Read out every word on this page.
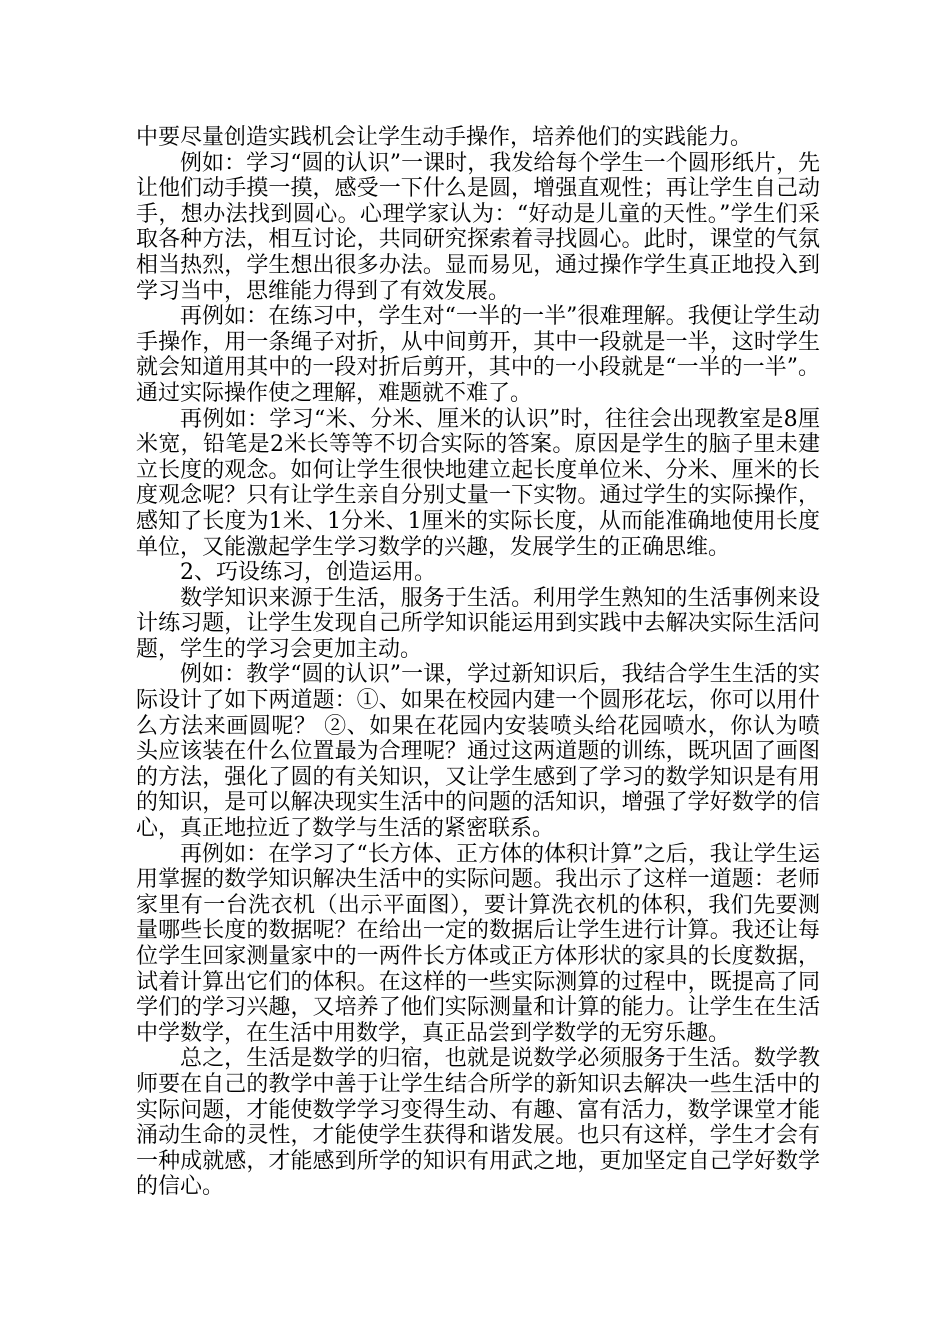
中要尽量创造实践机会让学生动手操作，培养他们的实践能力。

例如：学习“圆的认识”一课时，我发给每个学生一个圆形纸片，先让他们动手摸一摸，感受一下什么是圆，增强直观性；再让学生自己动手，想办法找到圆心。心理学家认为：“好动是儿童的天性。”学生们采取各种方法，相互讨论，共同研究探索着寻找圆心。此时，课堂的气氛相当热烈，学生想出很多办法。显而易见，通过操作学生真正地投入到学习当中，思维能力得到了有效发展。

再例如：在练习中，学生对“一半的一半”很难理解。我便让学生动手操作，用一条绳子对折，从中间剪开，其中一段就是一半，这时学生就会知道用其中的一段对折后剪开，其中的一小段就是“一半的一半”。通过实际操作使之理解，难题就不难了。

再例如：学习“米、分米、厘米的认识”时，往往会出现教室是8厘米宽，铅笔是2米长等等不切合实际的答案。原因是学生的脑子里未建立长度的观念。如何让学生很快地建立起长度单位米、分米、厘米的长度观念呢？只有让学生亲自分别丈量一下实物。通过学生的实际操作，感知了长度为1米、1分米、1厘米的实际长度，从而能准确地使用长度单位，又能激起学生学习数学的兴趣，发展学生的正确思维。

2、巧设练习，创造运用。

数学知识来源于生活，服务于生活。利用学生熟知的生活事例来设计练习题，让学生发现自己所学知识能运用到实践中去解决实际生活问题，学生的学习会更加主动。

例如：教学“圆的认识”一课，学过新知识后，我结合学生生活的实际设计了如下两道题：①、如果在校园内建一个圆形花坛，你可以用什么方法来画圆呢？ ②、如果在花园内安装喷头给花园喷水，你认为喷头应该装在什么位置最为合理呢？通过这两道题的训练，既巩固了画图的方法，强化了圆的有关知识，又让学生感到了学习的数学知识是有用的知识，是可以解决现实生活中的问题的活知识，增强了学好数学的信心，真正地拉近了数学与生活的紧密联系。

再例如：在学习了“长方体、正方体的体积计算”之后，我让学生运用掌握的数学知识解决生活中的实际问题。我出示了这样一道题：老师家里有一台洗衣机（出示平面图），要计算洗衣机的体积，我们先要测量哪些长度的数据呢？在给出一定的数据后让学生进行计算。我还让每位学生回家测量家中的一两件长方体或正方体形状的家具的长度数据，试着计算出它们的体积。在这样的一些实际测算的过程中，既提高了同学们的学习兴趣，又培养了他们实际测量和计算的能力。让学生在生活中学数学，在生活中用数学，真正品尝到学数学的无穷乐趣。

总之，生活是数学的归宿，也就是说数学必须服务于生活。数学教师要在自己的教学中善于让学生结合所学的新知识去解决一些生活中的实际问题，才能使数学学习变得生动、有趣、富有活力，数学课堂才能涌动生命的灵性，才能使学生获得和谐发展。也只有这样，学生才会有一种成就感，才能感到所学的知识有用武之地，更加坚定自己学好数学的信心。
